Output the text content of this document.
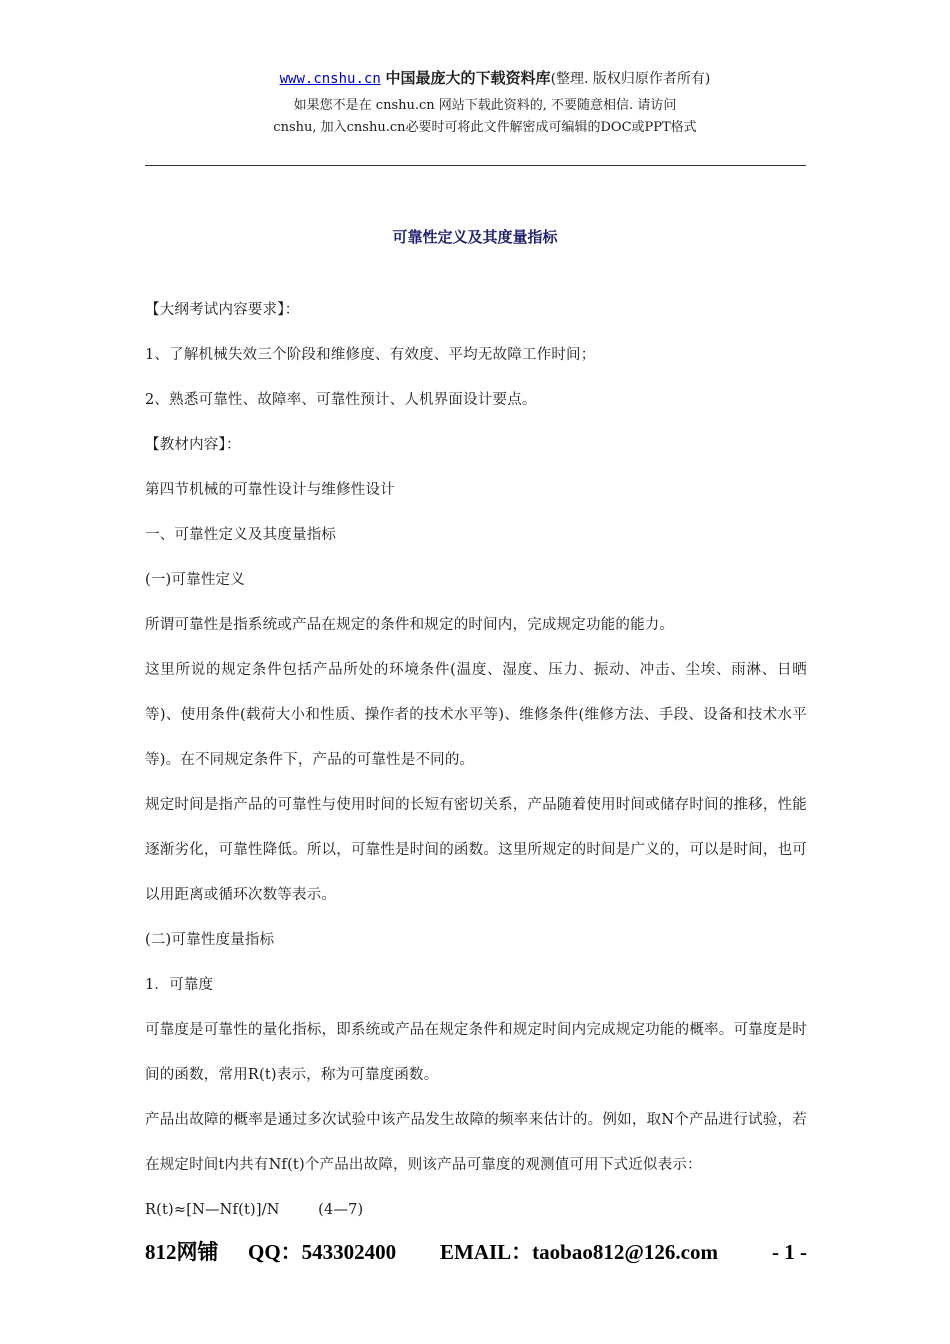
www.cnshu.cn 中国最庞大的下载资料库(整理. 版权归原作者所有)
如果您不是在 cnshu.cn 网站下载此资料的, 不要随意相信. 请访问
cnshu, 加入cnshu.cn必要时可将此文件解密成可编辑的DOC或PPT格式
可靠性定义及其度量指标

【大纲考试内容要求】：

1、了解机械失效三个阶段和维修度、有效度、平均无故障工作时间；

2、熟悉可靠性、故障率、可靠性预计、人机界面设计要点。

【教材内容】：

第四节机械的可靠性设计与维修性设计

一、可靠性定义及其度量指标

(一)可靠性定义

所谓可靠性是指系统或产品在规定的条件和规定的时间内，完成规定功能的能力。

这里所说的规定条件包括产品所处的环境条件(温度、湿度、压力、振动、冲击、尘埃、雨淋、日晒等)、使用条件(载荷大小和性质、操作者的技术水平等)、维修条件(维修方法、手段、设备和技术水平等)。在不同规定条件下，产品的可靠性是不同的。

规定时间是指产品的可靠性与使用时间的长短有密切关系，产品随着使用时间或储存时间的推移，性能逐渐劣化，可靠性降低。所以，可靠性是时间的函数。这里所规定的时间是广义的，可以是时间，也可以用距离或循环次数等表示。

(二)可靠性度量指标

1．可靠度

可靠度是可靠性的量化指标，即系统或产品在规定条件和规定时间内完成规定功能的概率。可靠度是时间的函数，常用R(t)表示，称为可靠度函数。

产品出故障的概率是通过多次试验中该产品发生故障的频率来估计的。例如，取N个产品进行试验，若在规定时间t内共有Nf(t)个产品出故障，则该产品可靠度的观测值可用下式近似表示：

R(t)≈[N—Nf(t)]/N        (4—7)

812网铺	QQ：543302400	EMAIL：taobao812@126.com	- 1 -
